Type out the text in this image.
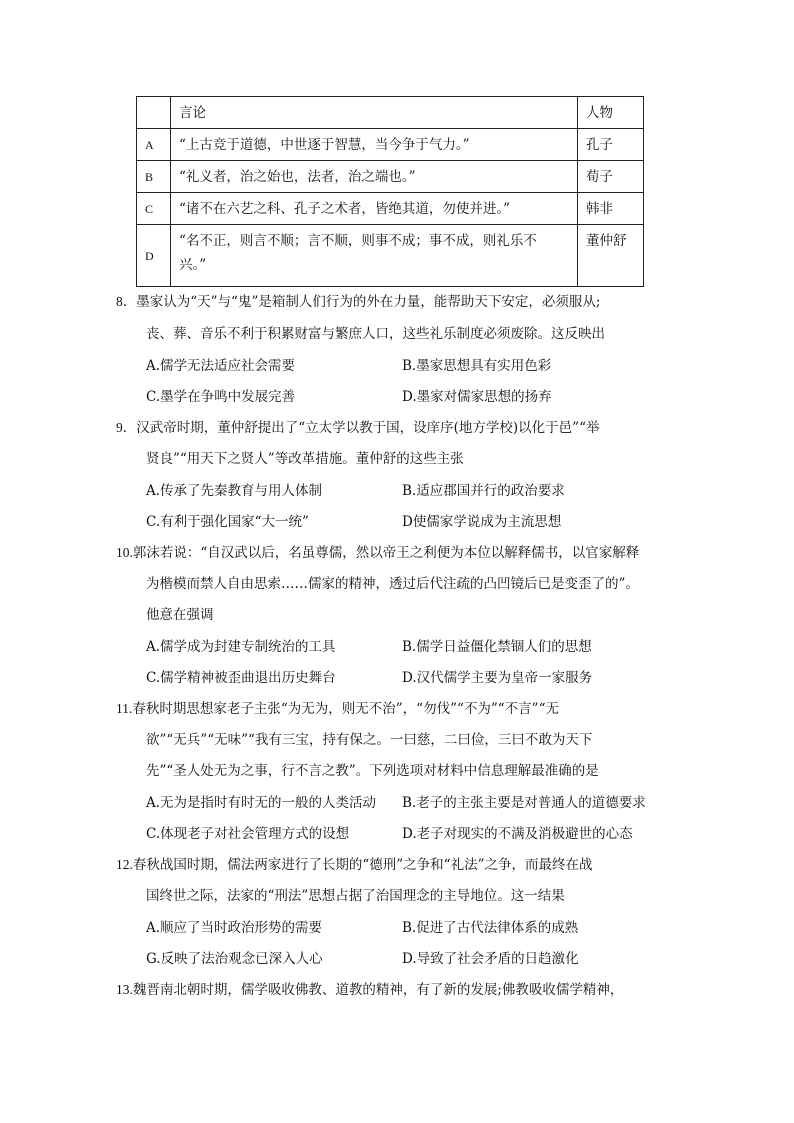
	言论	人物
A	“上古竞于道德，中世逐于智慧，当今争于气力。”	孔子
B	“礼义者，治之始也，法者，治之端也。”	荀子
C	“诸不在六艺之科、孔子之术者，皆绝其道，勿使并进。”	韩非
D	“名不正，则言不顺；言不顺，则事不成；事不成，则礼乐不
兴。”	董仲舒
8．墨家认为“天”与“鬼”是箱制人们行为的外在力量，能帮助天下安定，必须服从;
丧、葬、音乐不利于积累财富与繁庶人口，这些礼乐制度必须废除。这反映出
A.儒学无法适应社会需要	B.墨家思想具有实用色彩
C.墨学在争鸣中发展完善	D.墨家对儒家思想的扬弃
9．汉武帝时期，董仲舒提出了“立太学以教于国，设庠序(地方学校)以化于邑”“举
贤良”“用天下之贤人”等改革措施。董仲舒的这些主张
A.传承了先秦教育与用人体制	B.适应郡国并行的政治要求
C.有利于强化国家“大一统”	D使儒家学说成为主流思想
10.郭沫若说：“自汉武以后，名虽尊儒，然以帝王之利便为本位以解释儒书，以官家解释
为楷模而禁人自由思索……儒家的精神，透过后代注疏的凸凹镜后已是变歪了的”。
他意在强调
A.儒学成为封建专制统治的工具	B.儒学日益僵化禁锢人们的思想
C.儒学精神被歪曲退出历史舞台	D.汉代儒学主要为皇帝一家服务
11.春秋时期思想家老子主张“为无为，则无不治”，“勿伐”“不为”“不言”“无
欲”“无兵”“无味”“我有三宝，持有保之。一曰慈，二曰俭，三曰不敢为天下
先”“圣人处无为之事，行不言之教”。下列选项对材料中信息理解最准确的是
A.无为是指时有时无的一般的人类活动 B.老子的主张主要是对普通人的道德要求
C.体现老子对社会管理方式的设想	D.老子对现实的不满及消极避世的心态
12.春秋战国时期，儒法两家进行了长期的“德刑”之争和“礼法”之争，而最终在战
国终世之际，法家的“刑法”思想占据了治国理念的主导地位。这一结果
A.顺应了当时政治形势的需要	B.促进了古代法律体系的成熟
G.反映了法治观念已深入人心	D.导致了社会矛盾的日趋激化
13.魏晋南北朝时期，儒学吸收佛教、道教的精神，有了新的发展;佛教吸收儒学精神，
